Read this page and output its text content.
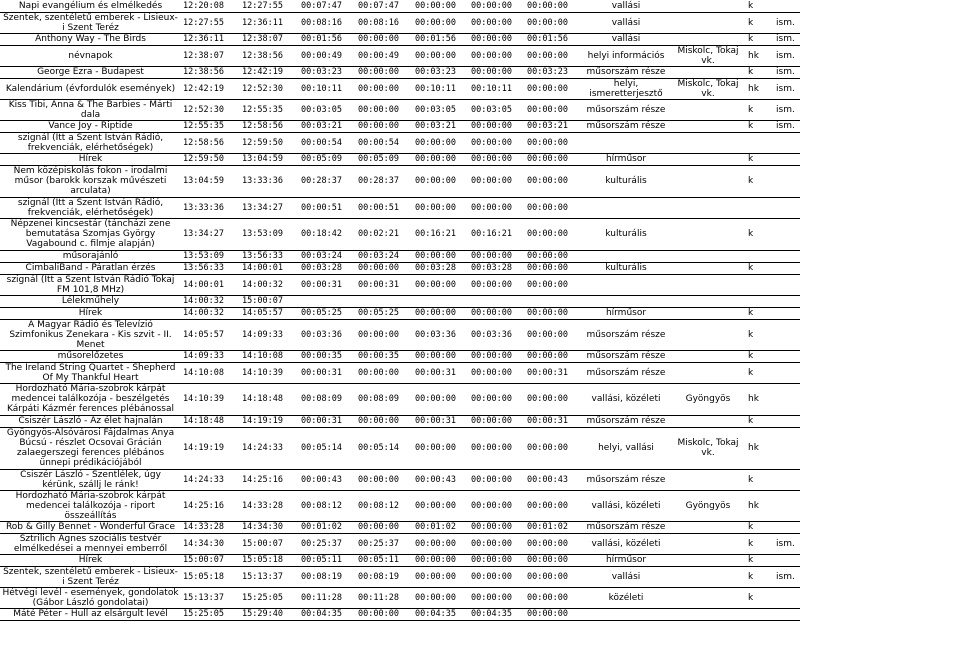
Napi evangélium és elmélkedés	12:20:08	12:27:55	00:07:47	00:07:47	00:00:00	00:00:00	00:00:00	vallási		k	
Szentek, szentéletű emberek - Lisieux-i Szent Teréz	12:27:55	12:36:11	00:08:16	00:08:16	00:00:00	00:00:00	00:00:00	vallási		k	ism.
Anthony Way - The Birds	12:36:11	12:38:07	00:01:56	00:00:00	00:01:56	00:00:00	00:01:56	vallási		k	ism.
névnapok	12:38:07	12:38:56	00:00:49	00:00:49	00:00:00	00:00:00	00:00:00	helyi információs	Miskolc, Tokaj vk.	hk	ism.
George Ezra - Budapest	12:38:56	12:42:19	00:03:23	00:00:00	00:03:23	00:00:00	00:03:23	műsorszám része		k	ism.
Kalendárium (évfordulók események)	12:42:19	12:52:30	00:10:11	00:00:00	00:10:11	00:10:11	00:00:00	helyi, ismeretterjesztő	Miskolc, Tokaj vk.	hk	ism.
Kiss Tibi, Anna & The Barbies - Márti dala	12:52:30	12:55:35	00:03:05	00:00:00	00:03:05	00:03:05	00:00:00	műsorszám része		k	ism.
Vance Joy - Riptide	12:55:35	12:58:56	00:03:21	00:00:00	00:03:21	00:00:00	00:03:21	műsorszám része		k	ism.
szignál (Itt a Szent István Rádió, frekvenciák, elérhetőségek)	12:58:56	12:59:50	00:00:54	00:00:54	00:00:00	00:00:00	00:00:00				
Hírek	12:59:50	13:04:59	00:05:09	00:05:09	00:00:00	00:00:00	00:00:00	hírműsor		k	
Nem középiskolás fokon - irodalmi műsor (barokk korszak művészeti arculata)	13:04:59	13:33:36	00:28:37	00:28:37	00:00:00	00:00:00	00:00:00	kulturális		k	
szignál (Itt a Szent István Rádió, frekvenciák, elérhetőségek)	13:33:36	13:34:27	00:00:51	00:00:51	00:00:00	00:00:00	00:00:00				
Népzenei kincsestár (táncházi zene bemutatása Szomjas György Vagabound c. filmje alapján)	13:34:27	13:53:09	00:18:42	00:02:21	00:16:21	00:16:21	00:00:00	kulturális		k	
műsorajánló	13:53:09	13:56:33	00:03:24	00:03:24	00:00:00	00:00:00	00:00:00				
CimbaliBand - Páratlan érzés	13:56:33	14:00:01	00:03:28	00:00:00	00:03:28	00:03:28	00:00:00	kulturális		k	
szignál (Itt a Szent István Rádió Tokaj FM 101,8 MHz)	14:00:01	14:00:32	00:00:31	00:00:31	00:00:00	00:00:00	00:00:00				
Lélekműhely	14:00:32	15:00:07									
Hírek	14:00:32	14:05:57	00:05:25	00:05:25	00:00:00	00:00:00	00:00:00	hírműsor		k	
A Magyar Rádió és Televízió Szimfonikus Zenekara - Kis szvit - II. Menet	14:05:57	14:09:33	00:03:36	00:00:00	00:03:36	00:03:36	00:00:00	műsorszám része		k	
műsorelőzetes	14:09:33	14:10:08	00:00:35	00:00:35	00:00:00	00:00:00	00:00:00	műsorszám része		k	
The Ireland String Quartet - Shepherd Of My Thankful Heart	14:10:08	14:10:39	00:00:31	00:00:00	00:00:31	00:00:00	00:00:31	műsorszám része		k	
Hordozható Mária-szobrok kárpát medencei találkozója - beszélgetés Kárpáti Kázmér ferences plébánossal	14:10:39	14:18:48	00:08:09	00:08:09	00:00:00	00:00:00	00:00:00	vallási, közéleti	Gyöngyös	hk	
Csiszér László - Az élet hajnalán	14:18:48	14:19:19	00:00:31	00:00:00	00:00:31	00:00:00	00:00:31	műsorszám része		k	
Gyöngyös-Alsóvárosi Fájdalmas Anya Búcsú - részlet Ocsovai Grácián zalaegerszegi ferences plébános ünnepi prédikációjából	14:19:19	14:24:33	00:05:14	00:05:14	00:00:00	00:00:00	00:00:00	helyi, vallási	Miskolc, Tokaj vk.	hk	
Csiszér László - Szentlélek, úgy kérünk, szállj le ránk!	14:24:33	14:25:16	00:00:43	00:00:00	00:00:43	00:00:00	00:00:43	műsorszám része		k	
Hordozható Mária-szobrok kárpát medencei találkozója - riport összeállítás	14:25:16	14:33:28	00:08:12	00:08:12	00:00:00	00:00:00	00:00:00	vallási, közéleti	Gyöngyös	hk	
Rob & Gilly Bennet - Wonderful Grace	14:33:28	14:34:30	00:01:02	00:00:00	00:01:02	00:00:00	00:01:02	műsorszám része		k	
Sztrilich Ágnes szociális testvér elmélkedései a mennyei emberről	14:34:30	15:00:07	00:25:37	00:25:37	00:00:00	00:00:00	00:00:00	vallási, közéleti		k	ism.
Hírek	15:00:07	15:05:18	00:05:11	00:05:11	00:00:00	00:00:00	00:00:00	hírműsor		k	
Szentek, szentéletű emberek - Lisieux-i Szent Teréz	15:05:18	15:13:37	00:08:19	00:08:19	00:00:00	00:00:00	00:00:00	vallási		k	ism.
Hétvégi levél - események, gondolatok (Gábor László gondolatai)	15:13:37	15:25:05	00:11:28	00:11:28	00:00:00	00:00:00	00:00:00	közéleti		k	
Máté Péter - Hull az elsárgult levél	15:25:05	15:29:40	00:04:35	00:00:00	00:04:35	00:04:35	00:00:00				
